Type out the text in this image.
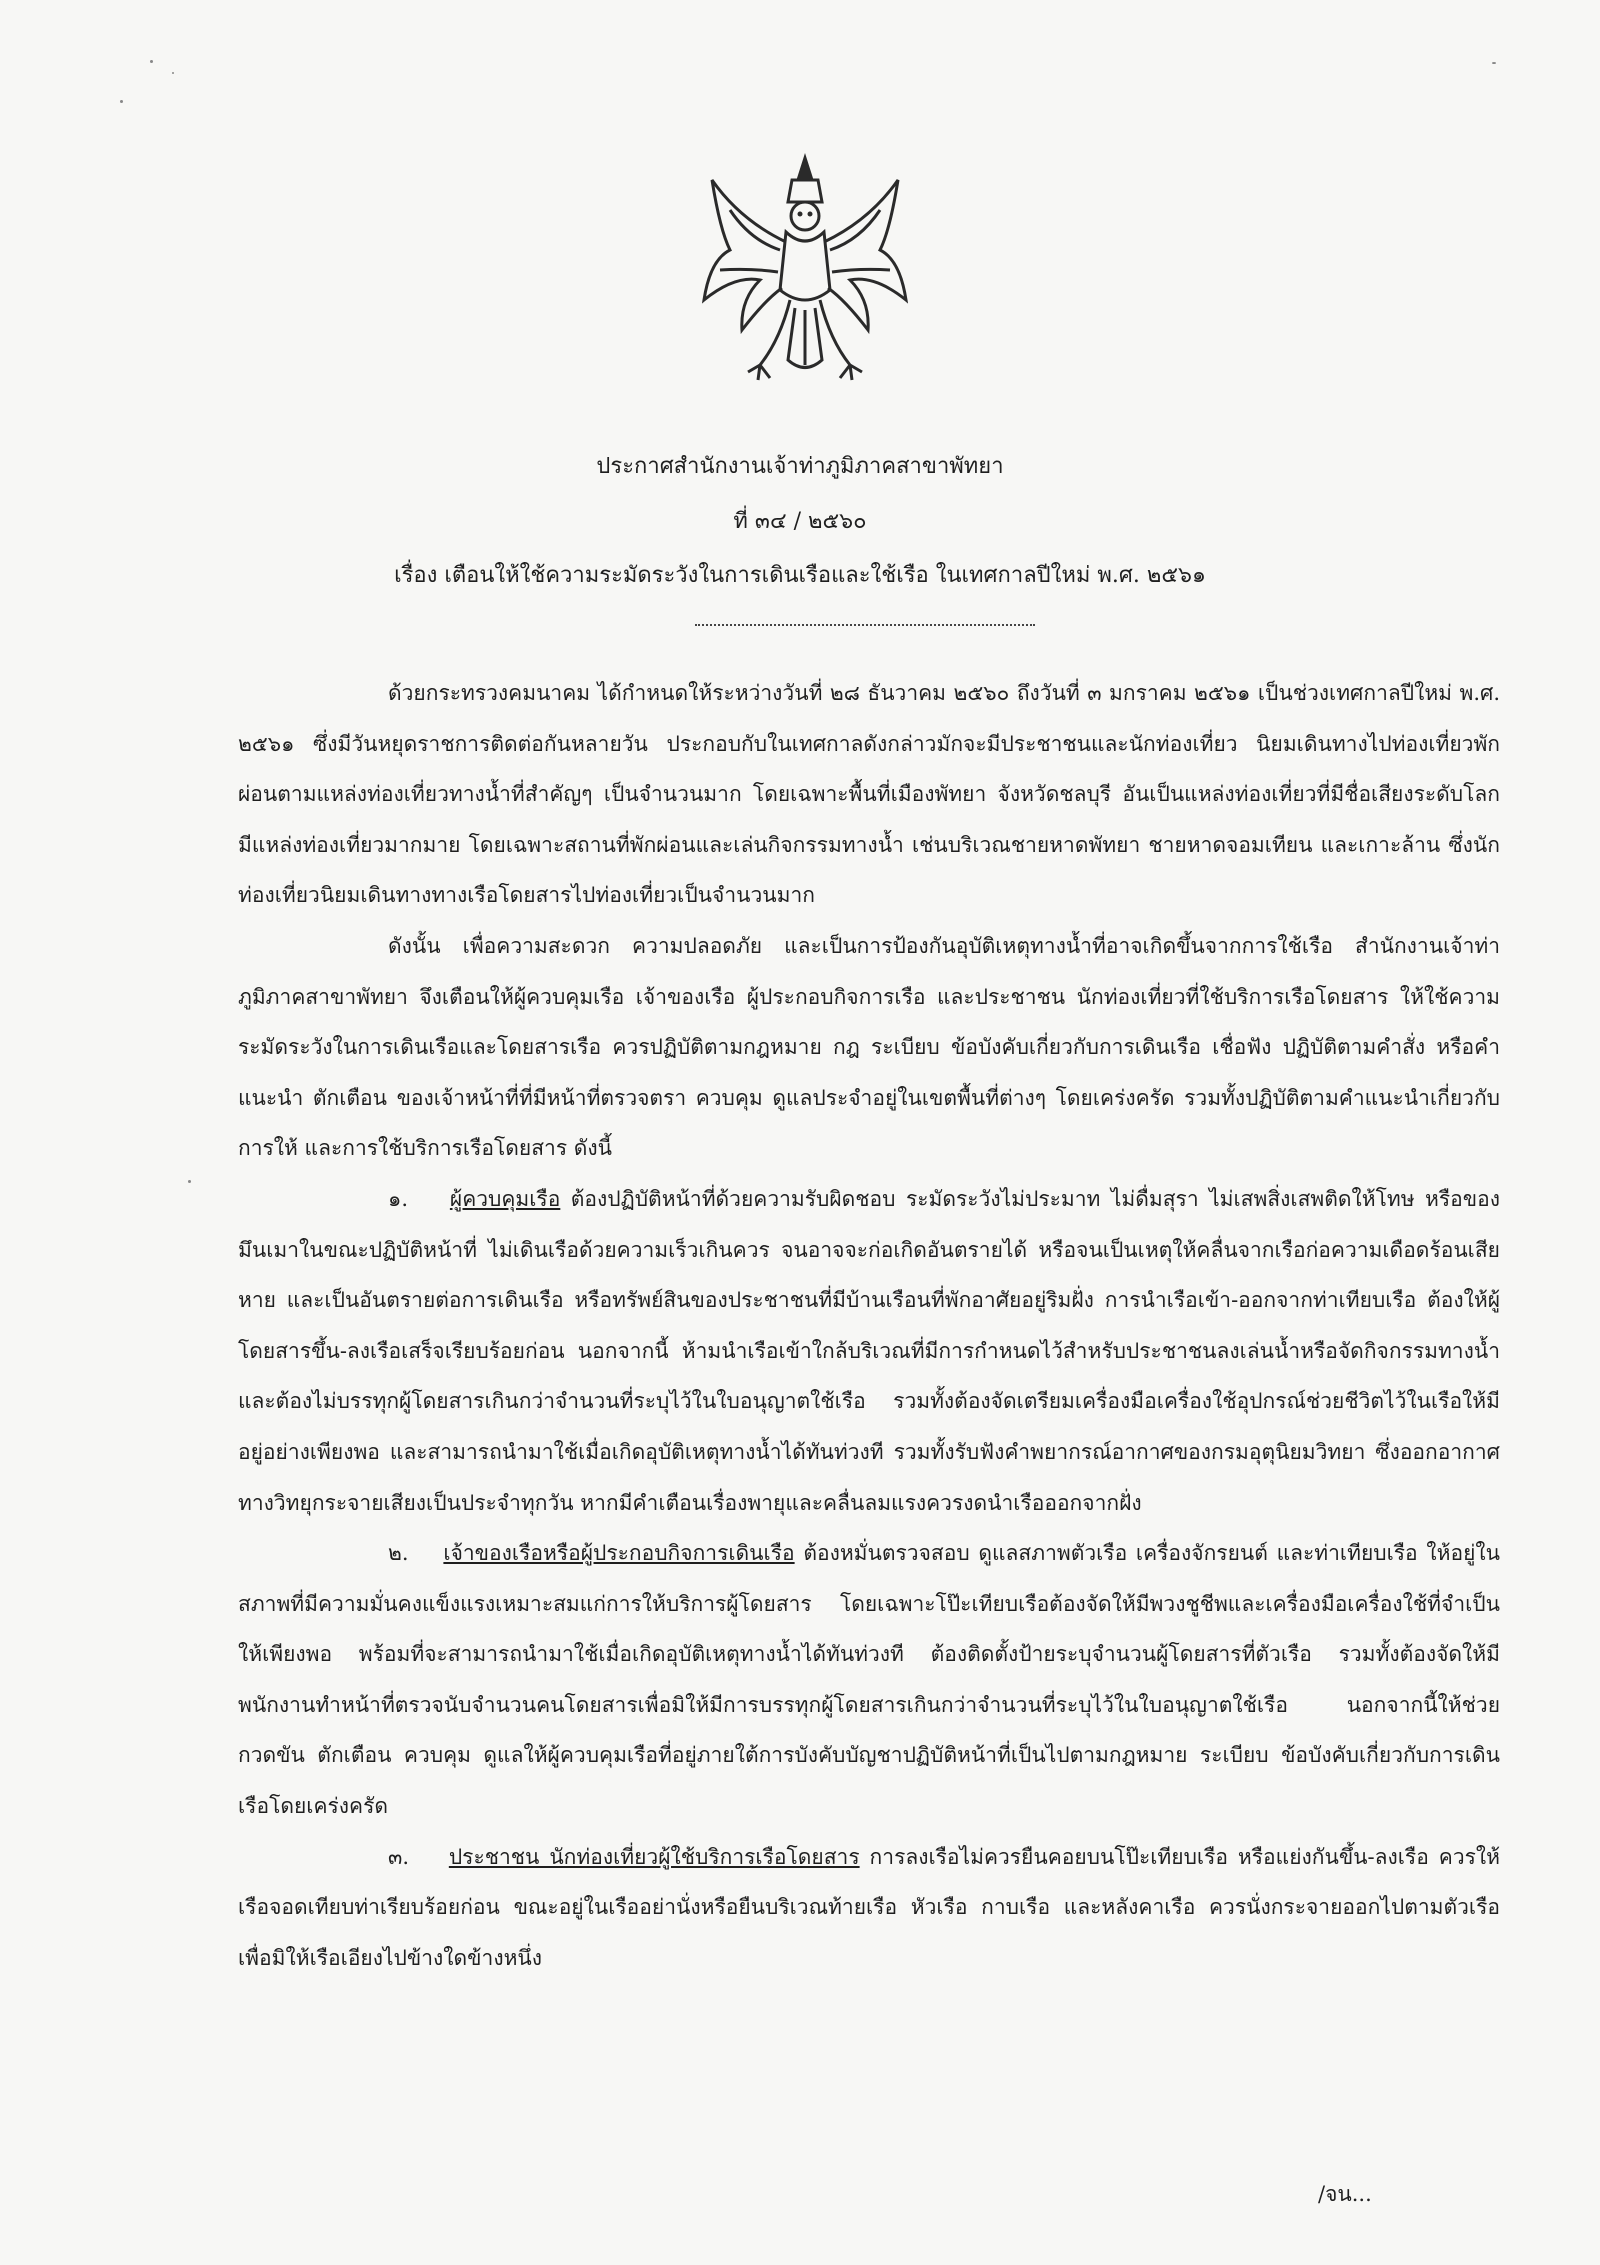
ประกาศสำนักงานเจ้าท่าภูมิภาคสาขาพัทยา
ที่ ๓๔ / ๒๕๖๐
เรื่อง เตือนให้ใช้ความระมัดระวังในการเดินเรือและใช้เรือ ในเทศกาลปีใหม่ พ.ศ. ๒๕๖๑

ด้วยกระทรวงคมนาคม ได้กำหนดให้ระหว่างวันที่ ๒๘ ธันวาคม ๒๕๖๐ ถึงวันที่ ๓ มกราคม ๒๕๖๑ เป็นช่วงเทศกาลปีใหม่ พ.ศ. ๒๕๖๑ ซึ่งมีวันหยุดราชการติดต่อกันหลายวัน ประกอบกับในเทศกาลดังกล่าวมักจะมีประชาชนและนักท่องเที่ยว นิยมเดินทางไปท่องเที่ยวพักผ่อนตามแหล่งท่องเที่ยวทางน้ำที่สำคัญๆ เป็นจำนวนมาก โดยเฉพาะพื้นที่เมืองพัทยา จังหวัดชลบุรี อันเป็นแหล่งท่องเที่ยวที่มีชื่อเสียงระดับโลก มีแหล่งท่องเที่ยวมากมาย โดยเฉพาะสถานที่พักผ่อนและเล่นกิจกรรมทางน้ำ เช่นบริเวณชายหาดพัทยา ชายหาดจอมเทียน และเกาะล้าน ซึ่งนักท่องเที่ยวนิยมเดินทางทางเรือโดยสารไปท่องเที่ยวเป็นจำนวนมาก

ดังนั้น เพื่อความสะดวก ความปลอดภัย และเป็นการป้องกันอุบัติเหตุทางน้ำที่อาจเกิดขึ้นจากการใช้เรือ สำนักงานเจ้าท่าภูมิภาคสาขาพัทยา จึงเตือนให้ผู้ควบคุมเรือ เจ้าของเรือ ผู้ประกอบกิจการเรือ และประชาชน นักท่องเที่ยวที่ใช้บริการเรือโดยสาร ให้ใช้ความระมัดระวังในการเดินเรือและโดยสารเรือ ควรปฏิบัติตามกฎหมาย กฎ ระเบียบ ข้อบังคับเกี่ยวกับการเดินเรือ เชื่อฟัง ปฏิบัติตามคำสั่ง หรือคำแนะนำ ตักเตือน ของเจ้าหน้าที่ที่มีหน้าที่ตรวจตรา ควบคุม ดูแลประจำอยู่ในเขตพื้นที่ต่างๆ โดยเคร่งครัด รวมทั้งปฏิบัติตามคำแนะนำเกี่ยวกับการให้ และการใช้บริการเรือโดยสาร ดังนี้

๑. ผู้ควบคุมเรือ ต้องปฏิบัติหน้าที่ด้วยความรับผิดชอบ ระมัดระวังไม่ประมาท ไม่ดื่มสุรา ไม่เสพสิ่งเสพติดให้โทษ หรือของมึนเมาในขณะปฏิบัติหน้าที่ ไม่เดินเรือด้วยความเร็วเกินควร จนอาจจะก่อเกิดอันตรายได้ หรือจนเป็นเหตุให้คลื่นจากเรือก่อความเดือดร้อนเสียหาย และเป็นอันตรายต่อการเดินเรือ หรือทรัพย์สินของประชาชนที่มีบ้านเรือนที่พักอาศัยอยู่ริมฝั่ง การนำเรือเข้า-ออกจากท่าเทียบเรือ ต้องให้ผู้โดยสารขึ้น-ลงเรือเสร็จเรียบร้อยก่อน นอกจากนี้ ห้ามนำเรือเข้าใกล้บริเวณที่มีการกำหนดไว้สำหรับประชาชนลงเล่นน้ำหรือจัดกิจกรรมทางน้ำ และต้องไม่บรรทุกผู้โดยสารเกินกว่าจำนวนที่ระบุไว้ในใบอนุญาตใช้เรือ รวมทั้งต้องจัดเตรียมเครื่องมือเครื่องใช้อุปกรณ์ช่วยชีวิตไว้ในเรือให้มีอยู่อย่างเพียงพอ และสามารถนำมาใช้เมื่อเกิดอุบัติเหตุทางน้ำได้ทันท่วงที รวมทั้งรับฟังคำพยากรณ์อากาศของกรมอุตุนิยมวิทยา ซึ่งออกอากาศทางวิทยุกระจายเสียงเป็นประจำทุกวัน หากมีคำเตือนเรื่องพายุและคลื่นลมแรงควรงดนำเรือออกจากฝั่ง

๒. เจ้าของเรือหรือผู้ประกอบกิจการเดินเรือ ต้องหมั่นตรวจสอบ ดูแลสภาพตัวเรือ เครื่องจักรยนต์ และท่าเทียบเรือ ให้อยู่ในสภาพที่มีความมั่นคงแข็งแรงเหมาะสมแก่การให้บริการผู้โดยสาร โดยเฉพาะโป๊ะเทียบเรือต้องจัดให้มีพวงชูชีพและเครื่องมือเครื่องใช้ที่จำเป็นให้เพียงพอ พร้อมที่จะสามารถนำมาใช้เมื่อเกิดอุบัติเหตุทางน้ำได้ทันท่วงที ต้องติดตั้งป้ายระบุจำนวนผู้โดยสารที่ตัวเรือ รวมทั้งต้องจัดให้มีพนักงานทำหน้าที่ตรวจนับจำนวนคนโดยสารเพื่อมิให้มีการบรรทุกผู้โดยสารเกินกว่าจำนวนที่ระบุไว้ในใบอนุญาตใช้เรือ นอกจากนี้ให้ช่วยกวดขัน ตักเตือน ควบคุม ดูแลให้ผู้ควบคุมเรือที่อยู่ภายใต้การบังคับบัญชาปฏิบัติหน้าที่เป็นไปตามกฎหมาย ระเบียบ ข้อบังคับเกี่ยวกับการเดินเรือโดยเคร่งครัด

๓. ประชาชน นักท่องเที่ยวผู้ใช้บริการเรือโดยสาร การลงเรือไม่ควรยืนคอยบนโป๊ะเทียบเรือ หรือแย่งกันขึ้น-ลงเรือ ควรให้เรือจอดเทียบท่าเรียบร้อยก่อน ขณะอยู่ในเรืออย่านั่งหรือยืนบริเวณท้ายเรือ หัวเรือ กาบเรือ และหลังคาเรือ ควรนั่งกระจายออกไปตามตัวเรือ เพื่อมิให้เรือเอียงไปข้างใดข้างหนึ่ง

/จน...
